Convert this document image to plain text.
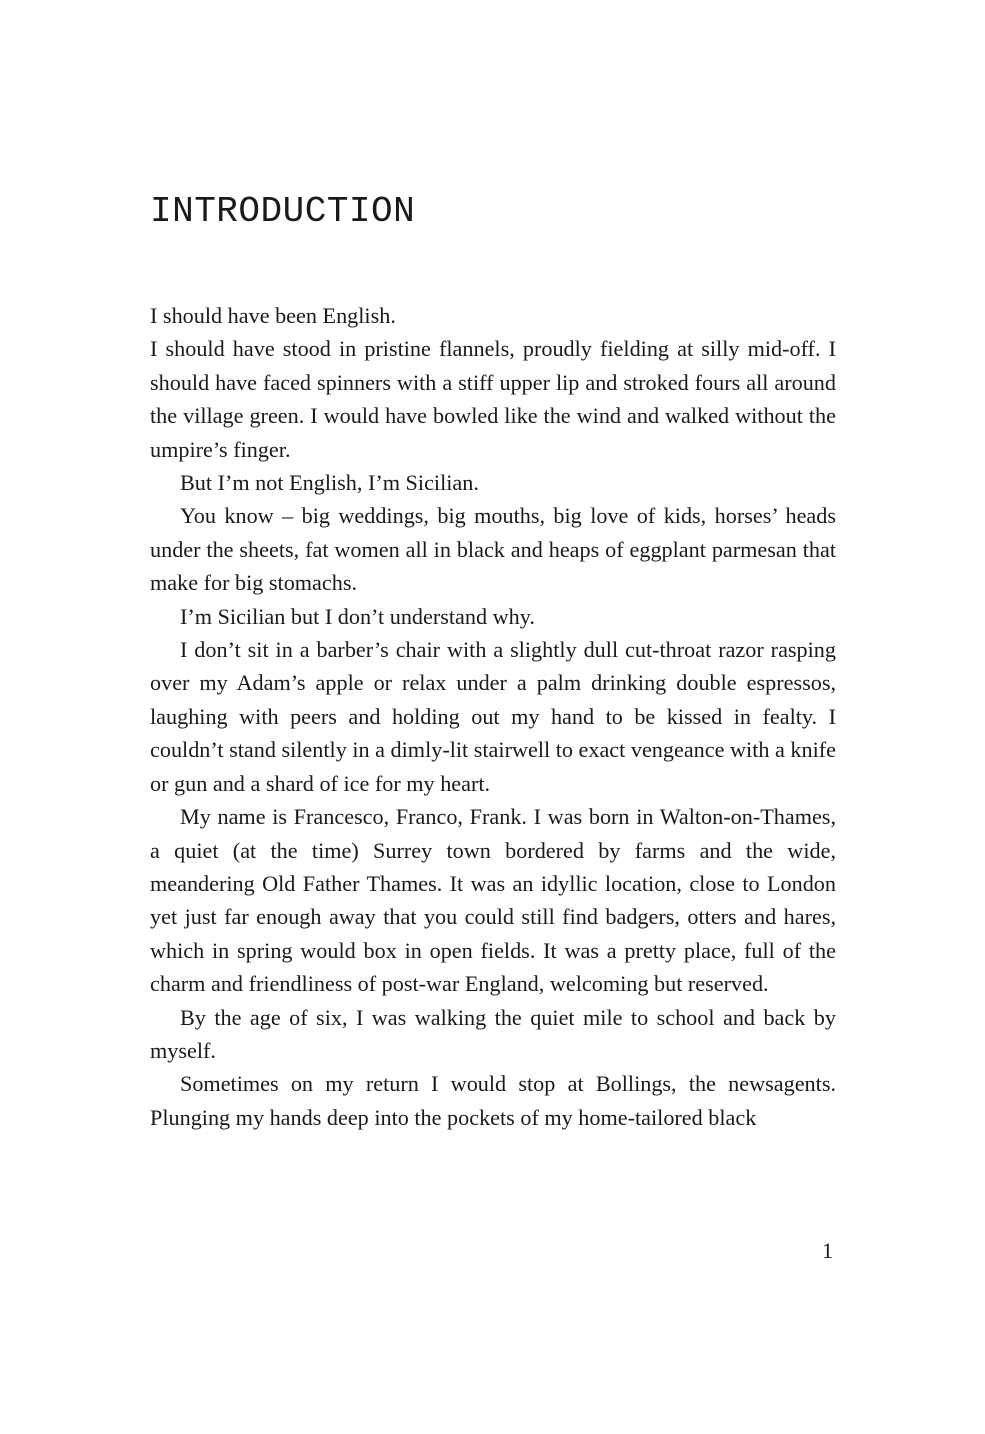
INTRODUCTION

I should have been English.

I should have stood in pristine flannels, proudly fielding at silly mid-off. I should have faced spinners with a stiff upper lip and stroked fours all around the village green. I would have bowled like the wind and walked without the umpire’s finger.

But I’m not English, I’m Sicilian.

You know – big weddings, big mouths, big love of kids, horses’ heads under the sheets, fat women all in black and heaps of eggplant parmesan that make for big stomachs.

I’m Sicilian but I don’t understand why.

I don’t sit in a barber’s chair with a slightly dull cut-throat razor rasping over my Adam’s apple or relax under a palm drinking double espressos, laughing with peers and holding out my hand to be kissed in fealty. I couldn’t stand silently in a dimly-lit stairwell to exact vengeance with a knife or gun and a shard of ice for my heart.

My name is Francesco, Franco, Frank. I was born in Walton-on-Thames, a quiet (at the time) Surrey town bordered by farms and the wide, meandering Old Father Thames. It was an idyllic location, close to London yet just far enough away that you could still find badgers, otters and hares, which in spring would box in open fields. It was a pretty place, full of the charm and friendliness of post-war England, welcoming but reserved.

By the age of six, I was walking the quiet mile to school and back by myself.

Sometimes on my return I would stop at Bollings, the newsagents. Plunging my hands deep into the pockets of my home-tailored black

1
